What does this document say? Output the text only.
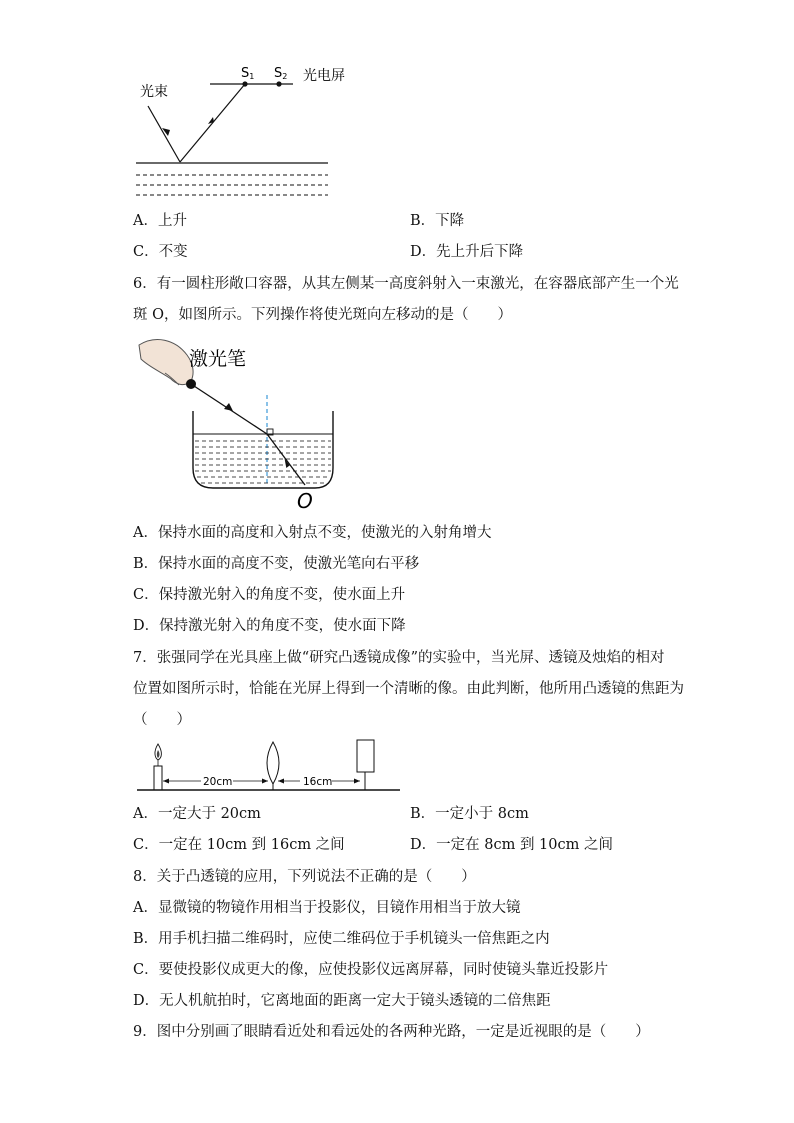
光束
S1 S2 光电屏
A．上升	B．下降
C．不变	D．先上升后下降
6．有一圆柱形敞口容器，从其左侧某一高度斜射入一束激光，在容器底部产生一个光
斑 O，如图所示。下列操作将使光斑向左移动的是（　　）
激光笔
O
A．保持水面的高度和入射点不变，使激光的入射角增大
B．保持水面的高度不变，使激光笔向右平移
C．保持激光射入的角度不变，使水面上升
D．保持激光射入的角度不变，使水面下降
7．张强同学在光具座上做“研究凸透镜成像”的实验中，当光屏、透镜及烛焰的相对
位置如图所示时，恰能在光屏上得到一个清晰的像。由此判断，他所用凸透镜的焦距为
（　　）
20cm	16cm
A．一定大于 20cm	B．一定小于 8cm
C．一定在 10cm 到 16cm 之间	D．一定在 8cm 到 10cm 之间
8．关于凸透镜的应用，下列说法不正确的是（　　）
A．显微镜的物镜作用相当于投影仪，目镜作用相当于放大镜
B．用手机扫描二维码时，应使二维码位于手机镜头一倍焦距之内
C．要使投影仪成更大的像，应使投影仪远离屏幕，同时使镜头靠近投影片
D．无人机航拍时，它离地面的距离一定大于镜头透镜的二倍焦距
9．图中分别画了眼睛看近处和看远处的各两种光路，一定是近视眼的是（　　）
